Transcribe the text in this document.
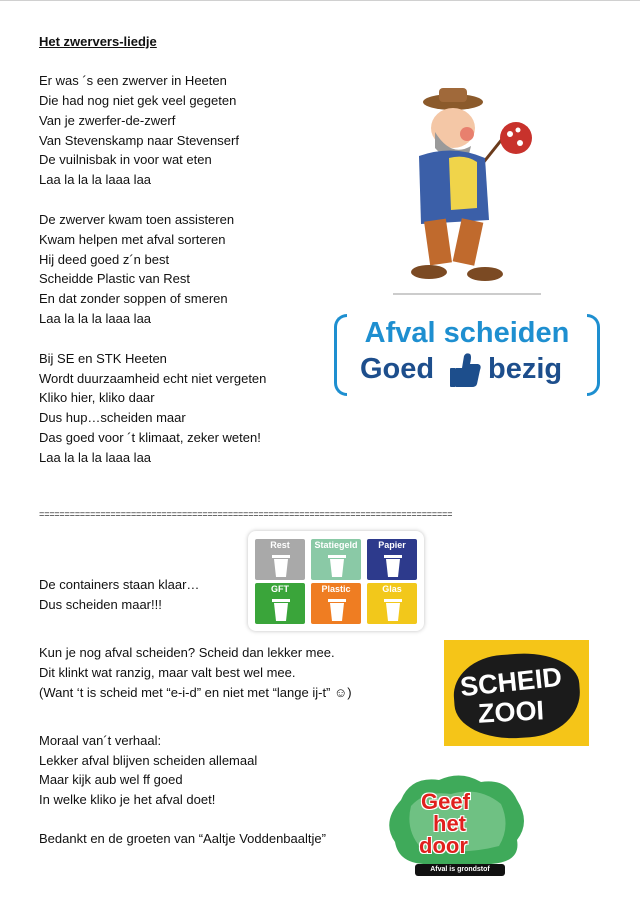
Het zwervers-liedje
Er was ´s een zwerver in Heeten
Die had nog niet gek veel gegeten
Van je zwerfer-de-zwerf
Van Stevenskamp naar Stevenserf
De vuilnisbak in voor wat eten
Laa la la la laaa laa
De zwerver kwam toen assisteren
Kwam helpen met afval sorteren
Hij deed goed z´n best
Scheidde Plastic van Rest
En dat zonder soppen of smeren
Laa la la la laaa laa
Bij SE en STK Heeten
Wordt duurzaamheid echt niet vergeten
Kliko hier, kliko daar
Dus hup…scheiden maar
Das goed voor ´t klimaat, zeker weten!
Laa la la la laaa laa
Afval scheiden
Goed bezig
=================================================================================
De containers staan klaar…
Dus scheiden maar!!!
Rest	Statiegeld	Papier
GFT	Plastic	Glas
Kun je nog afval scheiden? Scheid dan lekker mee.
Dit klinkt wat ranzig, maar valt best wel mee.
(Want ‘t is scheid met “e-i-d” en niet met “lange ij-t” ☺)	SCHEID
ZOOI
Moraal van´t verhaal:
Lekker afval blijven scheiden allemaal
Maar kijk aub wel ff goed
In welke kliko je het afval doet!
Bedankt en de groeten van “Aaltje Voddenbaaltje”
Geef
het
door
Afval is grondstof
